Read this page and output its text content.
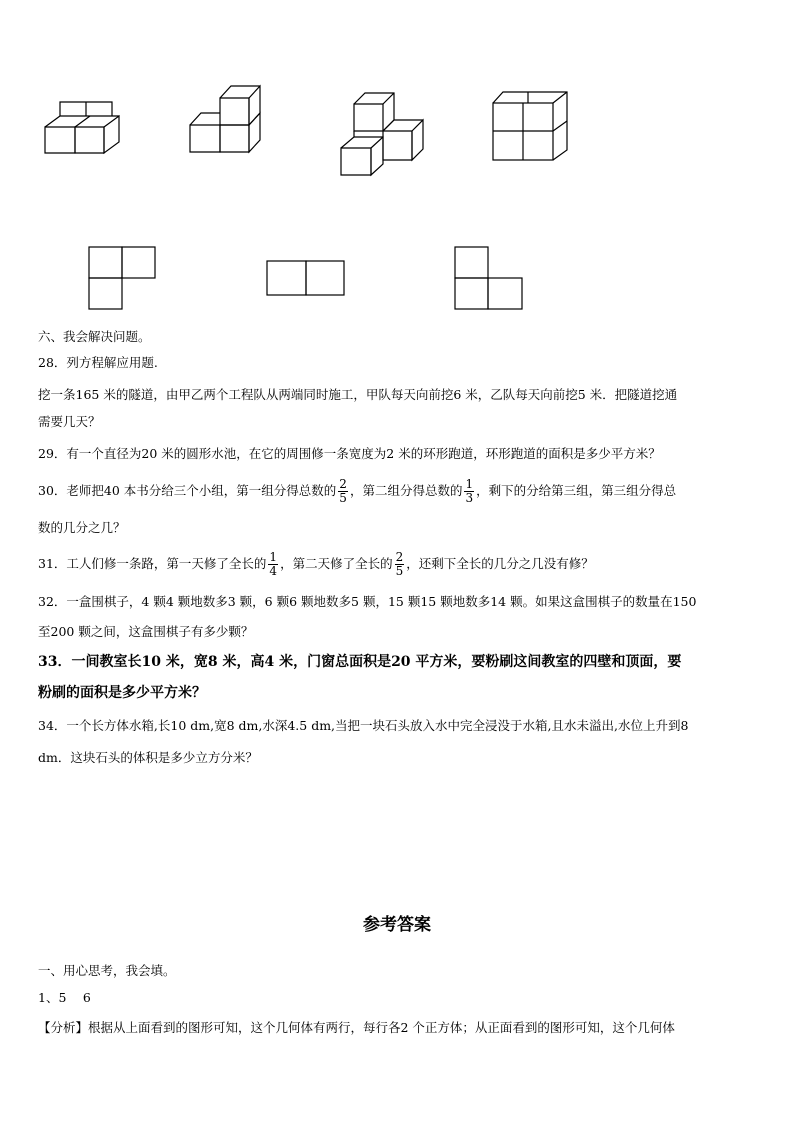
六、我会解决问题。
28．列方程解应用题.
挖一条165 米的隧道，由甲乙两个工程队从两端同时施工，甲队每天向前挖6 米，乙队每天向前挖5 米．把隧道挖通
需要几天？
29．有一个直径为20 米的圆形水池，在它的周围修一条宽度为2 米的环形跑道，环形跑道的面积是多少平方米？
30．老师把40 本书分给三个小组，第一组分得总数的 $\frac{2}{5}$ ，第二组分得总数的 $\frac{1}{3}$ ，剩下的分给第三组，第三组分得总
数的几分之几？
31．工人们修一条路，第一天修了全长的 $\frac{1}{4}$ ，第二天修了全长的 $\frac{2}{5}$ ，还剩下全长的几分之几没有修？
32．一盒围棋子，4 颗4 颗地数多3 颗，6 颗6 颗地数多5 颗，15 颗15 颗地数多14 颗。如果这盒围棋子的数量在150
至200 颗之间，这盒围棋子有多少颗？
33．一间教室长10 米，宽8 米，高4 米，门窗总面积是20 平方米，要粉刷这间教室的四壁和顶面，要
粉刷的面积是多少平方米？
34．一个长方体水箱,长10 dm,宽8 dm,水深4.5 dm,当把一块石头放入水中完全浸没于水箱,且水未溢出,水位上升到8
dm．这块石头的体积是多少立方分米？
参考答案
一、用心思考，我会填。
1、5　 6
【分析】根据从上面看到的图形可知，这个几何体有两行，每行各2 个正方体；从正面看到的图形可知，这个几何体
